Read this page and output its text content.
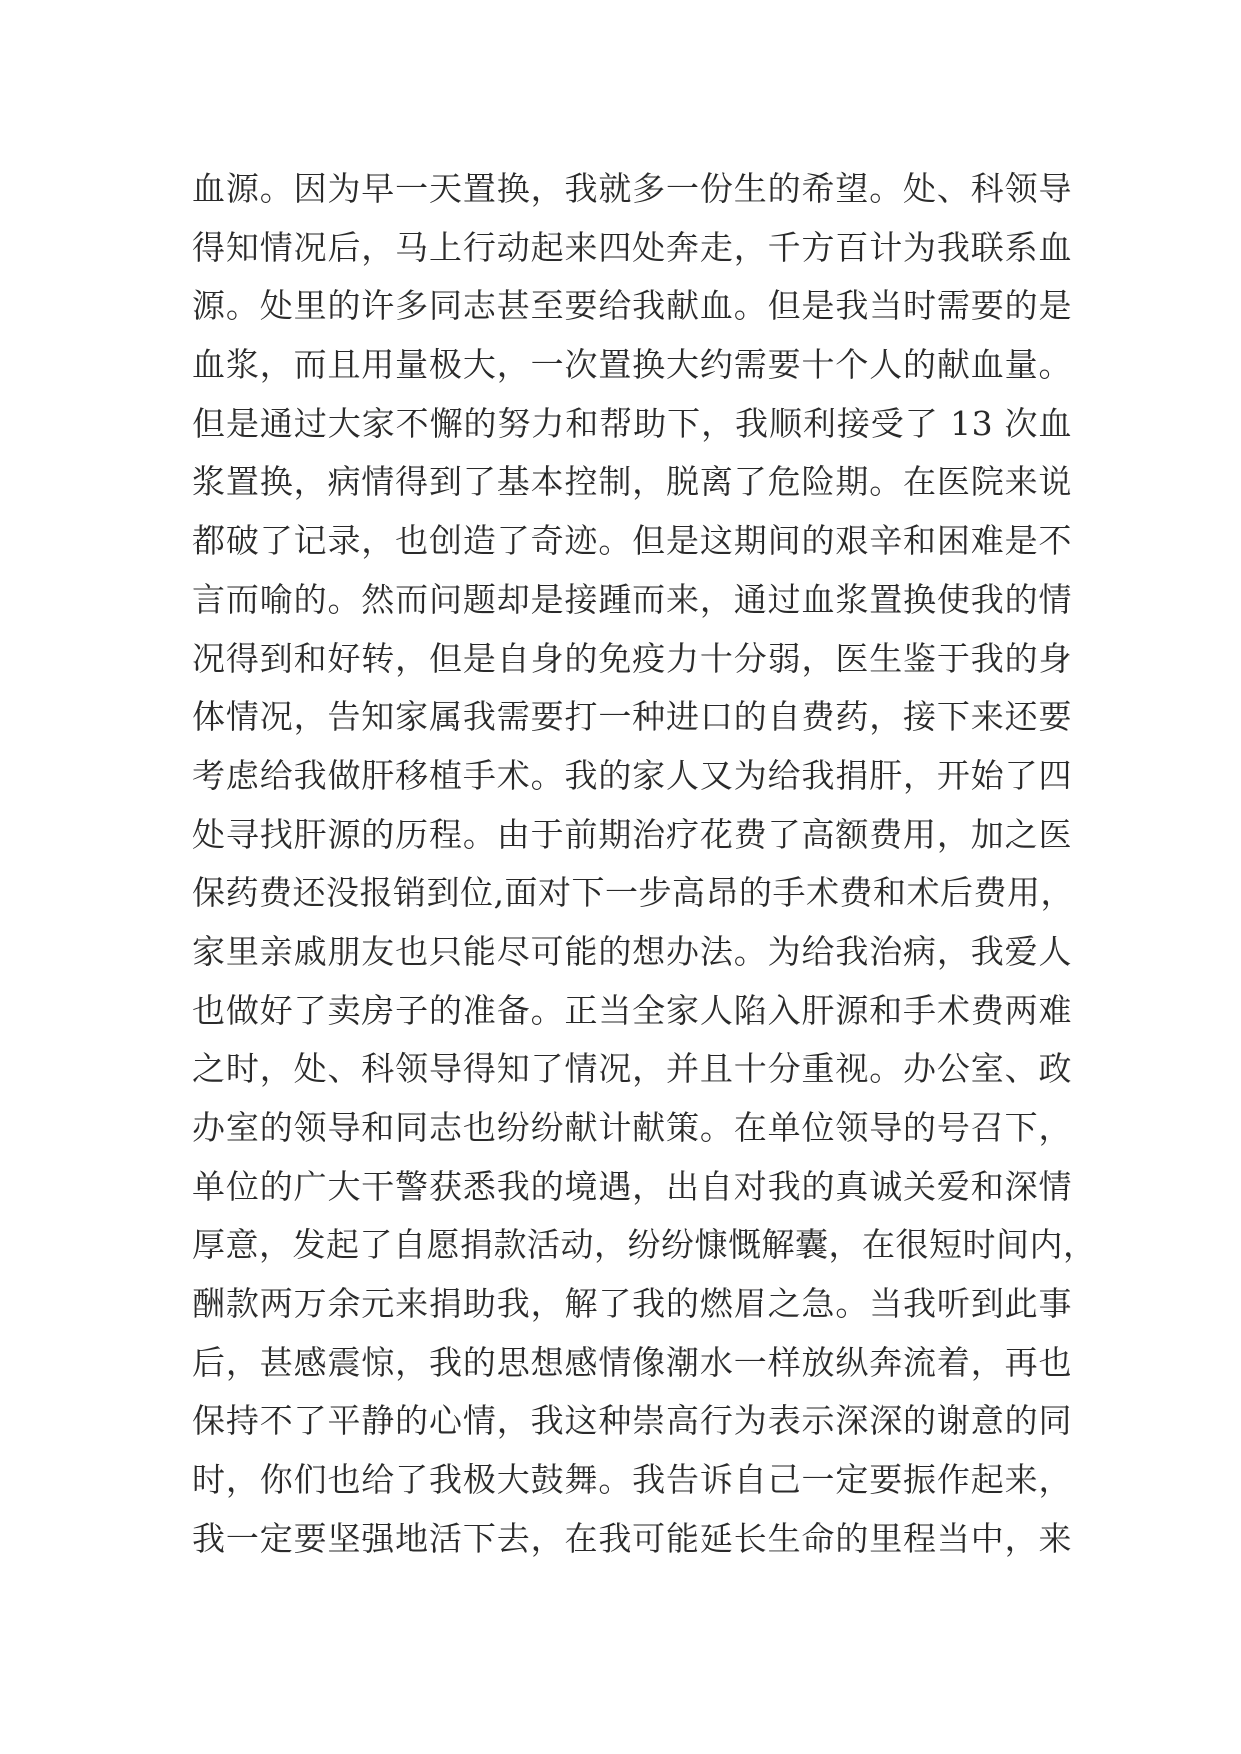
血源。因为早一天置换，我就多一份生的希望。处、科领导
得知情况后，马上行动起来四处奔走，千方百计为我联系血
源。处里的许多同志甚至要给我献血。但是我当时需要的是
血浆，而且用量极大，一次置换大约需要十个人的献血量。
但是通过大家不懈的努力和帮助下，我顺利接受了 13 次血
浆置换，病情得到了基本控制，脱离了危险期。在医院来说
都破了记录，也创造了奇迹。但是这期间的艰辛和困难是不
言而喻的。然而问题却是接踵而来，通过血浆置换使我的情
况得到和好转，但是自身的免疫力十分弱，医生鉴于我的身
体情况，告知家属我需要打一种进口的自费药，接下来还要
考虑给我做肝移植手术。我的家人又为给我捐肝，开始了四
处寻找肝源的历程。由于前期治疗花费了高额费用，加之医
保药费还没报销到位,面对下一步高昂的手术费和术后费用，
家里亲戚朋友也只能尽可能的想办法。为给我治病，我爱人
也做好了卖房子的准备。正当全家人陷入肝源和手术费两难
之时，处、科领导得知了情况，并且十分重视。办公室、政
办室的领导和同志也纷纷献计献策。在单位领导的号召下，
单位的广大干警获悉我的境遇，出自对我的真诚关爱和深情
厚意，发起了自愿捐款活动，纷纷慷慨解囊，在很短时间内，
酬款两万余元来捐助我，解了我的燃眉之急。当我听到此事
后，甚感震惊，我的思想感情像潮水一样放纵奔流着，再也
保持不了平静的心情，我这种崇高行为表示深深的谢意的同
时，你们也给了我极大鼓舞。我告诉自己一定要振作起来，
我一定要坚强地活下去，在我可能延长生命的里程当中，来
